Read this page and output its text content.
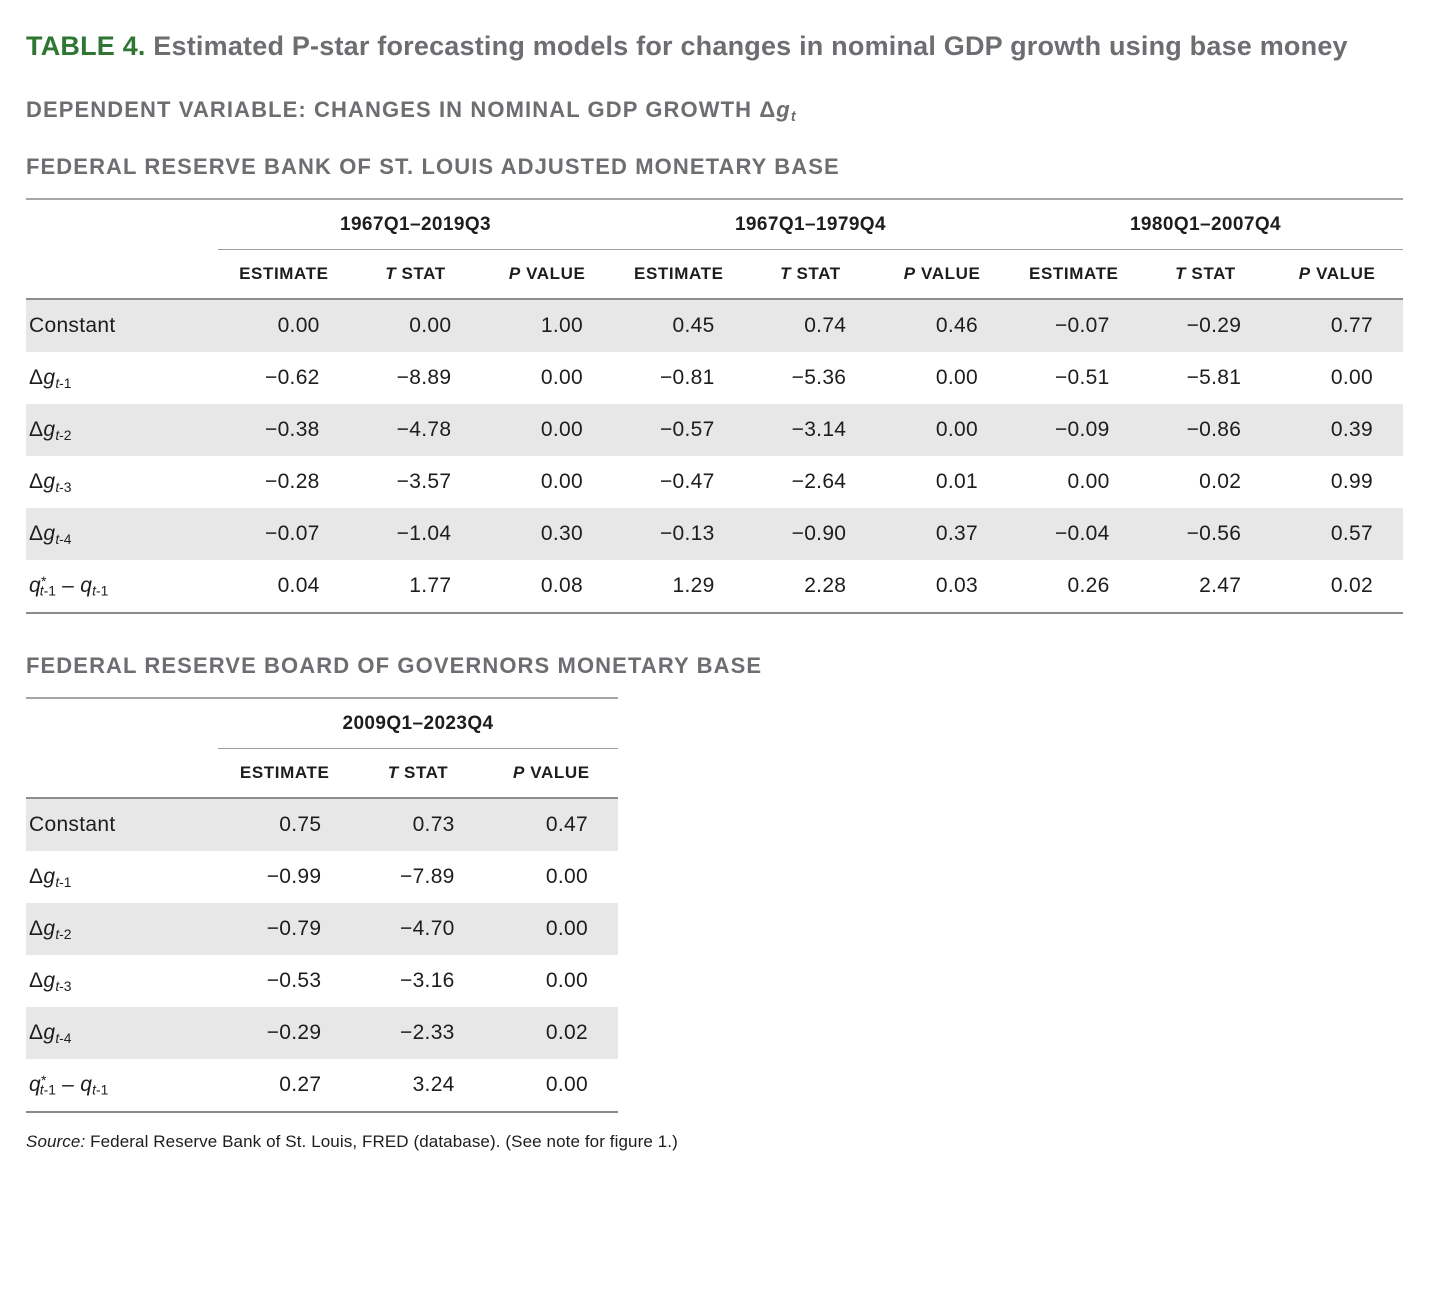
TABLE 4. Estimated P-star forecasting models for changes in nominal GDP growth using base money
DEPENDENT VARIABLE: CHANGES IN NOMINAL GDP GROWTH $\Delta g_t$
FEDERAL RESERVE BANK OF ST. LOUIS ADJUSTED MONETARY BASE
	1967Q1–2019Q3			1967Q1–1979Q4			1980Q1–2007Q4		
	ESTIMATE	T STAT	P VALUE	ESTIMATE	T STAT	P VALUE	ESTIMATE	T STAT	P VALUE
Constant	0.00	0.00	1.00	0.45	0.74	0.46	−0.07	−0.29	0.77
$\Delta g_{t-1}$	−0.62	−8.89	0.00	−0.81	−5.36	0.00	−0.51	−5.81	0.00
$\Delta g_{t-2}$	−0.38	−4.78	0.00	−0.57	−3.14	0.00	−0.09	−0.86	0.39
$\Delta g_{t-3}$	−0.28	−3.57	0.00	−0.47	−2.64	0.01	0.00	0.02	0.99
$\Delta g_{t-4}$	−0.07	−1.04	0.30	−0.13	−0.90	0.37	−0.04	−0.56	0.57
$q^*_{t-1} - q_{t-1}$	0.04	1.77	0.08	1.29	2.28	0.03	0.26	2.47	0.02
FEDERAL RESERVE BOARD OF GOVERNORS MONETARY BASE
	2009Q1–2023Q4		
	ESTIMATE	T STAT	P VALUE
Constant	0.75	0.73	0.47
$\Delta g_{t-1}$	−0.99	−7.89	0.00
$\Delta g_{t-2}$	−0.79	−4.70	0.00
$\Delta g_{t-3}$	−0.53	−3.16	0.00
$\Delta g_{t-4}$	−0.29	−2.33	0.02
$q^*_{t-1} - q_{t-1}$	0.27	3.24	0.00

Source: Federal Reserve Bank of St. Louis, FRED (database). (See note for figure 1.)
